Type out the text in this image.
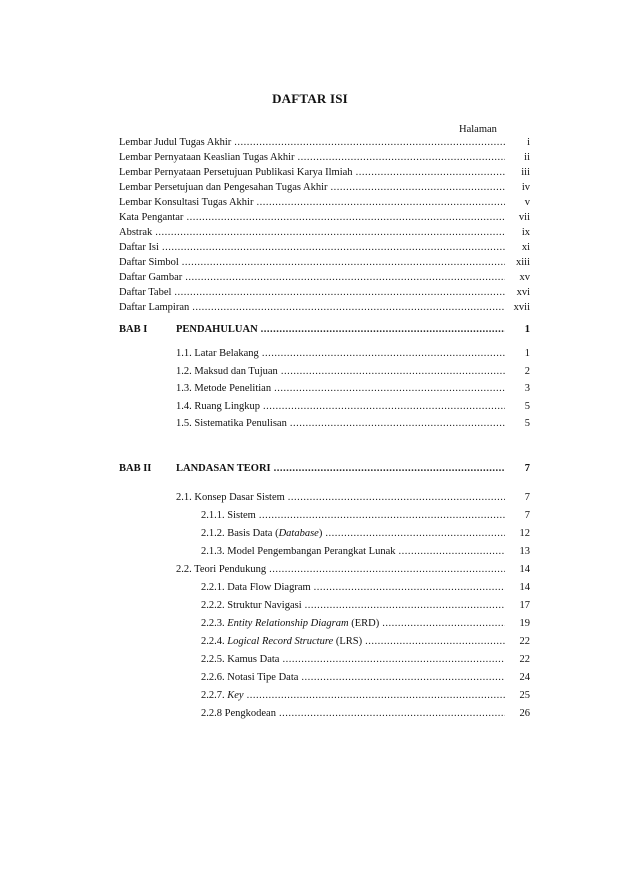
DAFTAR ISI
Halaman
Lembar Judul Tugas Akhir .....	i
Lembar Pernyataan Keaslian Tugas Akhir .....	ii
Lembar Pernyataan Persetujuan Publikasi Karya Ilmiah .....	iii
Lembar Persetujuan dan Pengesahan Tugas Akhir .....	iv
Lembar Konsultasi Tugas Akhir .....	v
Kata Pengantar .....	vii
Abstrak .....	ix
Daftar Isi .....	xi
Daftar Simbol .....	xiii
Daftar Gambar .....	xv
Daftar Tabel .....	xvi
Daftar Lampiran .....	xvii
BAB I	PENDAHULUAN .....	1
1.1. Latar Belakang .....	1
1.2. Maksud dan Tujuan .....	2
1.3. Metode Penelitian .....	3
1.4. Ruang Lingkup .....	5
1.5. Sistematika Penulisan .....	5
BAB II	LANDASAN TEORI .....	7
2.1. Konsep Dasar Sistem .....	7
2.1.1. Sistem .....	7
2.1.2. Basis Data (Database) .....	12
2.1.3. Model Pengembangan Perangkat Lunak .....	13
2.2. Teori Pendukung .....	14
2.2.1. Data Flow Diagram .....	14
2.2.2. Struktur Navigasi .....	17
2.2.3. Entity Relationship Diagram (ERD) .....	19
2.2.4. Logical Record Structure (LRS) .....	22
2.2.5. Kamus Data .....	22
2.2.6. Notasi Tipe Data .....	24
2.2.7. Key .....	25
2.2.8 Pengkodean .....	26
